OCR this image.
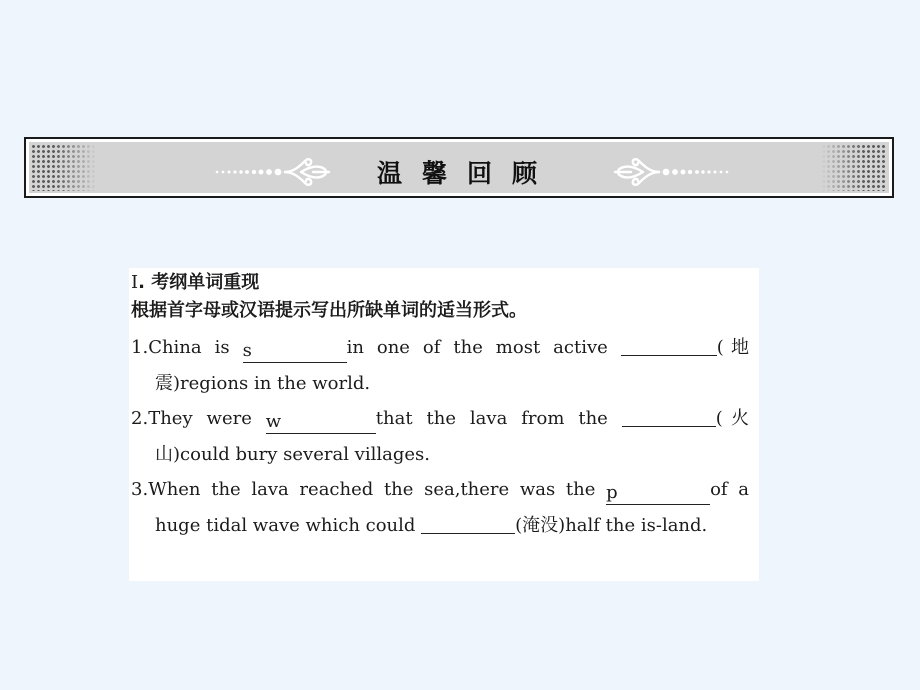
温馨回顾

Ⅰ. 考纲单词重现

根据首字母或汉语提示写出所缺单词的适当形式。

1.China is s	in one of the most active	(地震)regions in the world.

2.They were w	that the lava from the	(火山)could bury several villages.

3.When the lava reached the sea,there was the p	of a huge tidal wave which could	(淹没)half the is-land.
